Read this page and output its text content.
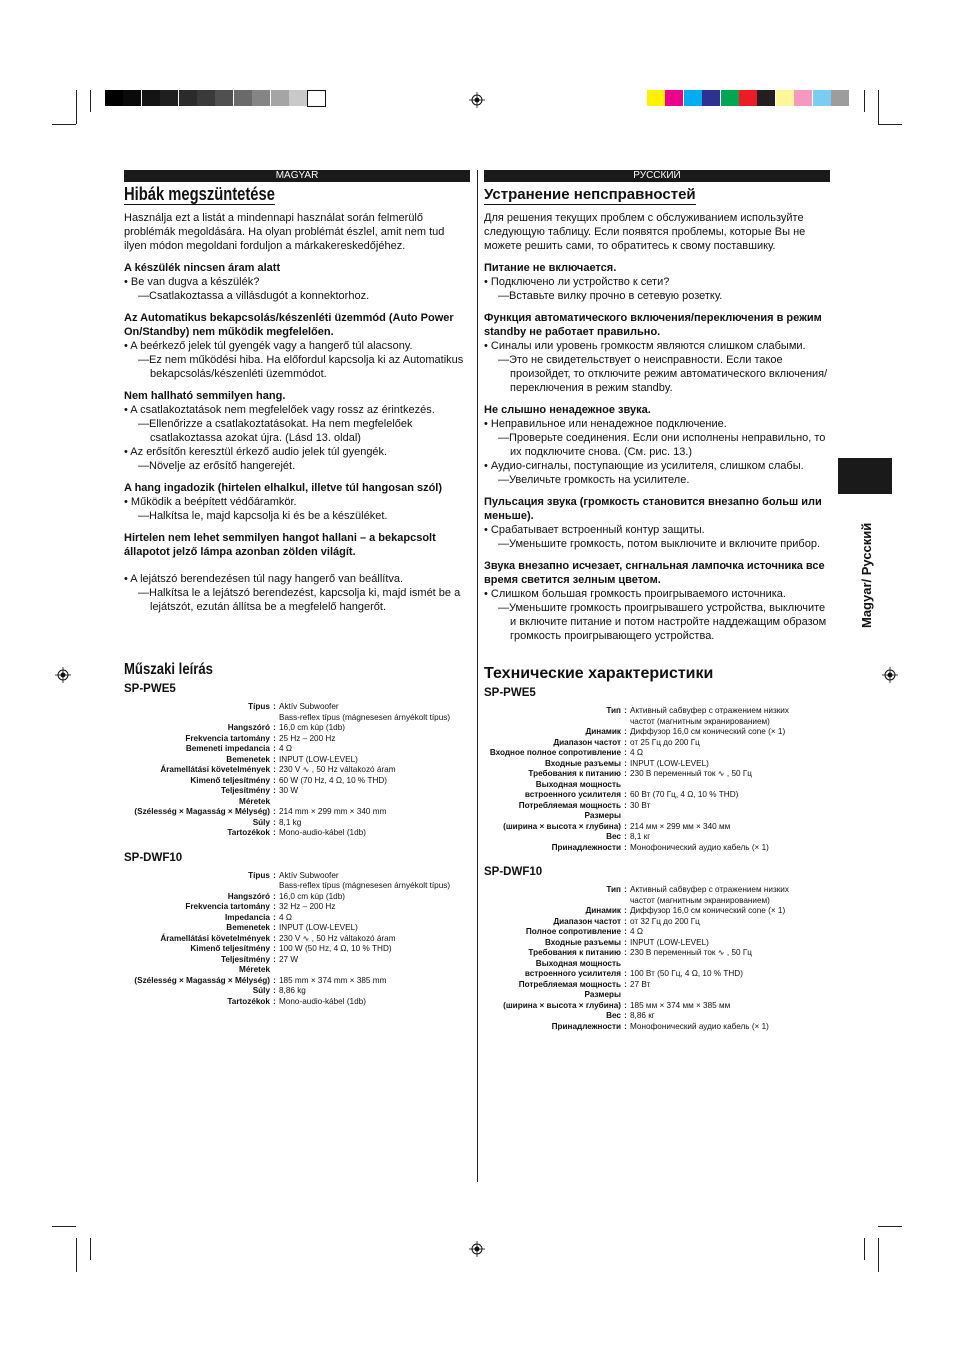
MAGYAR
Hibák megszüntetése

Használja ezt a listát a mindennapi használat során felmerülő problémák megoldására. Ha olyan problémát észlel, amit nem tud ilyen módon megoldani forduljon a márkakereskedőjéhez.

A készülék nincsen áram alatt

• Be van dugva a készülék?

—Csatlakoztassa a villásdugót a konnektorhoz.

Az Automatikus bekapcsolás/készenléti üzemmód (Auto Power On/Standby) nem működik megfelelően.

• A beérkező jelek túl gyengék vagy a hangerő túl alacsony.

—Ez nem működési hiba. Ha előfordul kapcsolja ki az Automatikus bekapcsolás/készenléti üzemmódot.

Nem hallható semmilyen hang.

• A csatlakoztatások nem megfelelőek vagy rossz az érintkezés.

—Ellenőrizze a csatlakoztatásokat. Ha nem megfelelőek csatlakoztassa azokat újra. (Lásd 13. oldal)

• Az erősítőn keresztül érkező audio jelek túl gyengék.

—Növelje az erősítő hangerejét.

A hang ingadozik (hirtelen elhalkul, illetve túl hangosan szól)

• Működik a beépített védőáramkör.

—Halkítsa le, majd kapcsolja ki és be a készüléket.

Hirtelen nem lehet semmilyen hangot hallani – a bekapcsolt állapotot jelző lámpa azonban zölden világít.

• A lejátszó berendezésen túl nagy hangerő van beállítva.

—Halkítsa le a lejátszó berendezést, kapcsolja ki, majd ismét be a lejátszót, ezután állítsa be a megfelelő hangerőt.

Műszaki leírás

SP-PWE5

Típus	:	Aktív Subwoofer
		Bass-reflex típus (mágnesesen árnyékolt típus)
Hangszóró	:	16,0 cm kúp (1db)
Frekvencia tartomány	:	25 Hz – 200 Hz
Bemeneti impedancia	:	4 Ω
Bemenetek	:	INPUT (LOW-LEVEL)
Áramellátási követelmények	:	230 V ∿ , 50 Hz váltakozó áram
Kimenő teljesítmény	:	60 W (70 Hz, 4 Ω, 10 % THD)
Teljesítmény	:	30 W
Méretek		
(Szélesség × Magasság × Mélység)	:	214 mm × 299 mm × 340 mm
Súly	:	8,1 kg
Tartozékok	:	Mono-audio-kábel (1db)

SP-DWF10

Típus	:	Aktív Subwoofer
		Bass-reflex típus (mágnesesen árnyékolt típus)
Hangszóró	:	16,0 cm kúp (1db)
Frekvencia tartomány	:	32 Hz – 200 Hz
Impedancia	:	4 Ω
Bemenetek	:	INPUT (LOW-LEVEL)
Áramellátási követelmények	:	230 V ∿ , 50 Hz váltakozó áram
Kimenő teljesítmény	:	100 W (50 Hz, 4 Ω, 10 % THD)
Teljesítmény	:	27 W
Méretek		
(Szélesség × Magasság × Mélység)	:	185 mm × 374 mm × 385 mm
Súly	:	8,86 kg
Tartozékok	:	Mono-audio-kábel (1db)
РУССКИЙ
Устранение непсправностей

Для решения текущих проблем с обслуживанием используйте следующую таблицу. Если появятся проблемы, которые Вы не можете решить сами, то обратитесь к свому поставшику.

Питание не включается.

• Подключено ли устройство к сети?

—Вставьте вилку прочно в сетевую розетку.

Функция автоматического включения/переключения в режим standby не работает правильно.

• Синалы или уровень громкостм являются слишком слабыми.

—Это не свидетельствует о неисправности. Если такое произойдет, то отключите режим автоматического включения/переключения в режим standby.

Не слышно ненадежное звука.

• Неправильное или ненадежное подключение.

—Проверьте соединения. Если они исполнены неправильно, то их подключите снова. (См. рис. 13.)

• Аудио-сигналы, поступающие из усилителя, слишком слабы.

—Увеличьте громкость на усилителе.

Пульсация звука (громкость становится внезапно больш или меньше).

• Срабатывает встроенный контур защиты.

—Уменьшите громкость, потом выключите и включите прибор.

Звука внезапно исчезает, снгнальная лампочка источника все время светится зелным цветом.

• Слишком большая громкость проигрываемого источника.

—Уменьшите громкость проигрывашего устройства, выключите и включите питание и потом настройте наддежащим образом громкость проигрывающего устройства.

Технические характеристики

SP-PWE5

Тип	:	Активный сабвуфер с отражением низких
		частот (магнитным экранированием)
Динамик	:	Диффузор 16,0 см конический cone (× 1)
Диапазон частот	:	от 25 Гц до 200 Гц
Входное полное сопротивление	:	4 Ω
Входные разъемы	:	INPUT (LOW-LEVEL)
Требования к питанию	:	230 В переменный ток ∿ , 50 Гц
Выходная мощность		
встроенного усилителя	:	60 Вт (70 Гц, 4 Ω, 10 % THD)
Потребляемая мощность	:	30 Вт
Размеры		
(ширина × высота × глубина)	:	214 мм × 299 мм × 340 мм
Вес	:	8,1 кг
Принадлежности	:	Монофонический аудио кабель (× 1)

SP-DWF10

Тип	:	Активный сабвуфер с отражением низких
		частот (магнитным экранированием)
Динамик	:	Диффузор 16,0 см конический cone (× 1)
Диапазон частот	:	от 32 Гц до 200 Гц
Полное сопротивление	:	4 Ω
Входные разъемы	:	INPUT (LOW-LEVEL)
Требования к питанию	:	230 В переменный ток ∿ , 50 Гц
Выходная мощность		
встроенного усилителя	:	100 Вт (50 Гц, 4 Ω, 10 % THD)
Потребляемая мощность	:	27 Вт
Размеры		
(ширина × высота × глубина)	:	185 мм × 374 мм × 385 мм
Вес	:	8,86 кг
Принадлежности	:	Монофонический аудио кабель (× 1)
Magyar/ Русский
